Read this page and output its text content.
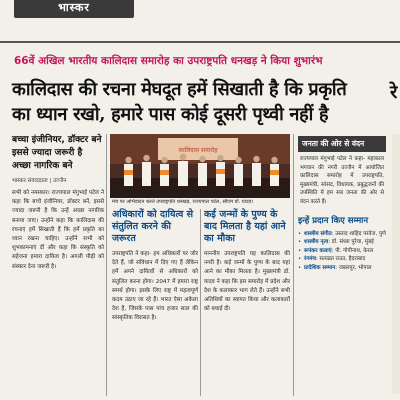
भास्कर
66वें अखिल भारतीय कालिदास समारोह का उपराष्ट्रपति धनखड़ ने किया शुभारंभ
कालिदास की रचना मेघदूत हमें सिखाती है कि प्रकृति
का ध्यान रखो, हमारे पास कोई दूसरी पृथ्वी नहीं है
रे
बच्चा इंजीनियर, डॉक्टर बने इससे ज्यादा जरूरी है अच्छा नागरिक बने
भास्कर संवाददाता | उज्जैन
सभी को नमस्कार। राज्यपाल मंगुभाई पटेल ने कहा कि बच्चे इंजीनियर, डॉक्टर बनें, इससे ज्यादा जरूरी है कि उन्हें अच्छा नागरिक बनाया जाए। उन्होंने कहा कि कालिदास की रचनाएं हमें सिखाती हैं कि हमें प्रकृति का ध्यान रखना चाहिए। उन्होंने सभी को शुभकामनाएं दीं और कहा कि संस्कृति को सहेजना हमारा दायित्व है। अगली पीढ़ी को संस्कार देना जरूरी है।
कालिदास समारोह
मंच पर अभिवादन करते उपराष्ट्रपति धनखड़, राज्यपाल पटेल, सीएम डॉ. यादव।
अधिकारों को दायित्व से संतुलित करने की जरूरत
उपराष्ट्रपति ने कहा- हम अधिकारों पर जोर देते हैं, जो संविधान में दिए गए हैं लेकिन हमें अपने दायित्वों से अधिकारों को संतुलित करना होगा। 2047 में हमारा राष्ट्र समर्थ होगा। इसके लिए राष्ट्र में महत्वपूर्ण कदम उठाए जा रहे हैं। भारत ऐसा अकेला देश है, जिसके पास पांच हजार साल की सांस्कृतिक विरासत है।
कई जन्मों के पुण्य के बाद मिलता है यहां आने का मौका
माननीय उपराष्ट्रपति यह कालिदास की नगरी है। कई जन्मों के पुण्य के बाद यहां आने का मौका मिलता है। मुख्यमंत्री डॉ. यादव ने कहा कि इस समारोह में प्रदेश और देश के कलाकार भाग लेते हैं। उन्होंने सभी अतिथियों का स्वागत किया और कलाकारों को बधाई दी।
जनता की ओर से वंदन
राज्यपाल मंगुभाई पटेल ने कहा- महाकाल भगवान की नगरी उज्जैन में आयोजित कालिदास समारोह में उपराष्ट्रपति, मुख्यमंत्री, सांसद, विधायक, प्रबुद्धजनों की उपस्थिति में हम सब जनता की ओर से वंदन करते हैं।
इन्हें प्रदान किए सम्मान
• शास्त्रीय संगीत: उस्ताद शाहिद परवेज, पुणे
• शास्त्रीय नृत्य: डॉ. संध्या पुरेचा, मुंबई
• रूपंकर कलाएं: पी. गोपीनाथ, केरल
• रंगमंच: सत्यव्रत राउत, हैदराबाद
• प्रादेशिक सम्मान: जबलपुर, भोपाल
